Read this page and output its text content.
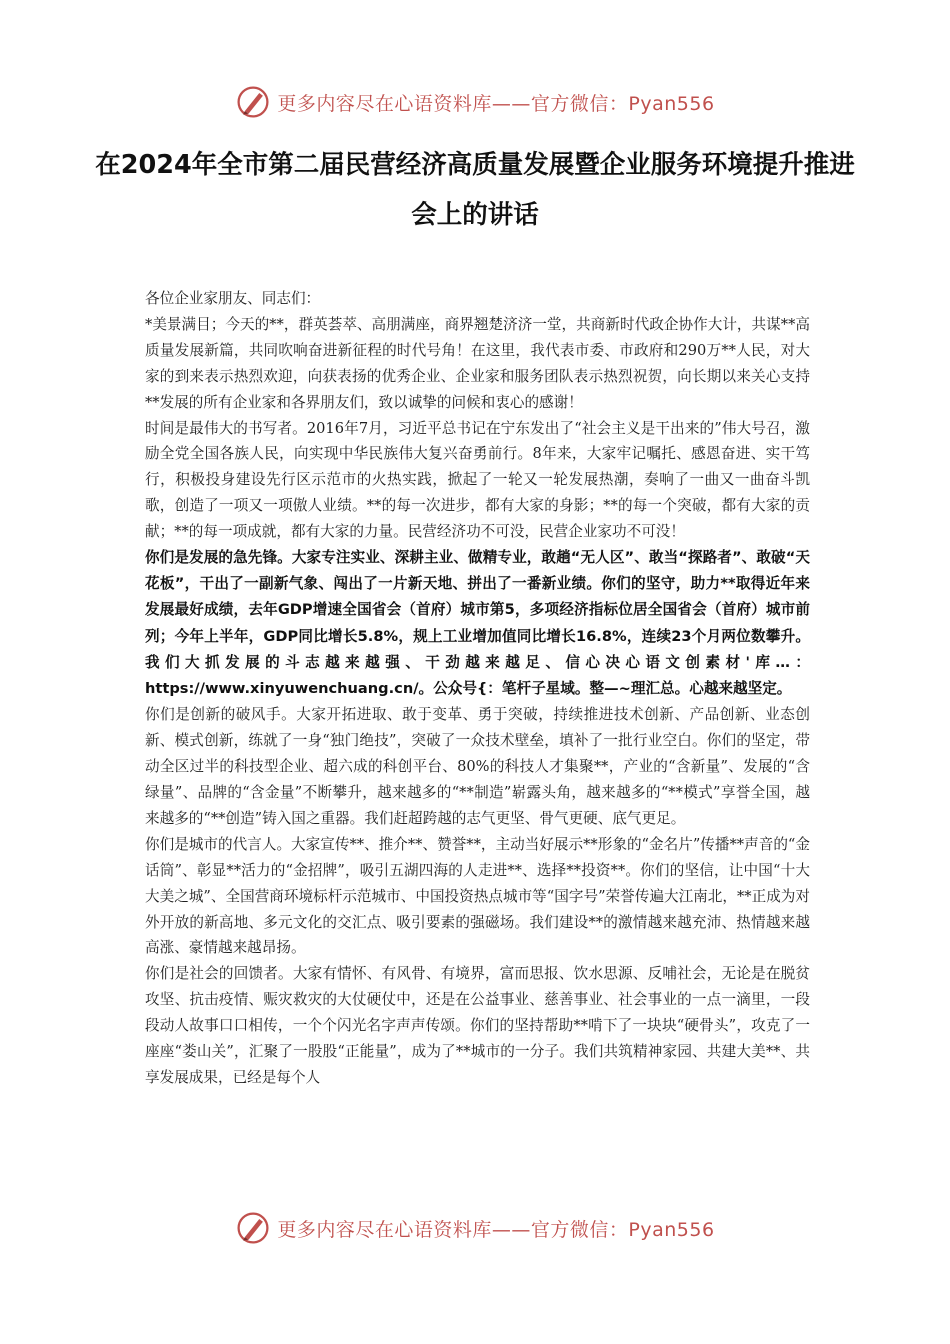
更多内容尽在心语资料库——官方微信：Pyan556
在2024年全市第二届民营经济高质量发展暨企业服务环境提升推进会上的讲话

各位企业家朋友、同志们：

*美景满目；今天的**，群英荟萃、高朋满座，商界翘楚济济一堂，共商新时代政企协作大计，共谋**高质量发展新篇，共同吹响奋进新征程的时代号角！在这里，我代表市委、市政府和290万**人民，对大家的到来表示热烈欢迎，向获表扬的优秀企业、企业家和服务团队表示热烈祝贺，向长期以来关心支持**发展的所有企业家和各界朋友们，致以诚挚的问候和衷心的感谢！

时间是最伟大的书写者。2016年7月，习近平总书记在宁东发出了“社会主义是干出来的”伟大号召，激励全党全国各族人民，向实现中华民族伟大复兴奋勇前行。8年来，大家牢记嘱托、感恩奋进、实干笃行，积极投身建设先行区示范市的火热实践，掀起了一轮又一轮发展热潮，奏响了一曲又一曲奋斗凯歌，创造了一项又一项傲人业绩。**的每一次进步，都有大家的身影；**的每一个突破，都有大家的贡献；**的每一项成就，都有大家的力量。民营经济功不可没，民营企业家功不可没！

你们是发展的急先锋。大家专注实业、深耕主业、做精专业，敢趟“无人区”、敢当“探路者”、敢破“天花板”，干出了一副新气象、闯出了一片新天地、拼出了一番新业绩。你们的坚守，助力**取得近年来发展最好成绩，去年GDP增速全国省会（首府）城市第5，多项经济指标位居全国省会（首府）城市前列；今年上半年，GDP同比增长5.8%，规上工业增加值同比增长16.8%，连续23个月两位数攀升。我们大抓发展的斗志越来越强、干劲越来越足、信心决心语文创素材'库…：https://www.xinyuwenchuang.cn/。公众号{：笔杆子星域。整—~理汇总。心越来越坚定。

你们是创新的破风手。大家开拓进取、敢于变革、勇于突破，持续推进技术创新、产品创新、业态创新、模式创新，练就了一身“独门绝技”，突破了一众技术壁垒，填补了一批行业空白。你们的坚定，带动全区过半的科技型企业、超六成的科创平台、80%的科技人才集聚**，产业的“含新量”、发展的“含绿量”、品牌的“含金量”不断攀升，越来越多的“**制造”崭露头角，越来越多的“**模式”享誉全国，越来越多的“**创造”铸入国之重器。我们赶超跨越的志气更坚、骨气更硬、底气更足。

你们是城市的代言人。大家宣传**、推介**、赞誉**，主动当好展示**形象的“金名片”传播**声音的“金话筒”、彰显**活力的“金招牌”，吸引五湖四海的人走进**、选择**投资**。你们的坚信，让中国“十大大美之城”、全国营商环境标杆示范城市、中国投资热点城市等“国字号”荣誉传遍大江南北，**正成为对外开放的新高地、多元文化的交汇点、吸引要素的强磁场。我们建设**的激情越来越充沛、热情越来越高涨、豪情越来越昂扬。

你们是社会的回馈者。大家有情怀、有风骨、有境界，富而思报、饮水思源、反哺社会，无论是在脱贫攻坚、抗击疫情、赈灾救灾的大仗硬仗中，还是在公益事业、慈善事业、社会事业的一点一滴里，一段段动人故事口口相传，一个个闪光名字声声传颂。你们的坚持帮助**啃下了一块块“硬骨头”，攻克了一座座“娄山关”，汇聚了一股股“正能量”，成为了**城市的一分子。我们共筑精神家园、共建大美**、共享发展成果，已经是每个人

更多内容尽在心语资料库——官方微信：Pyan556
